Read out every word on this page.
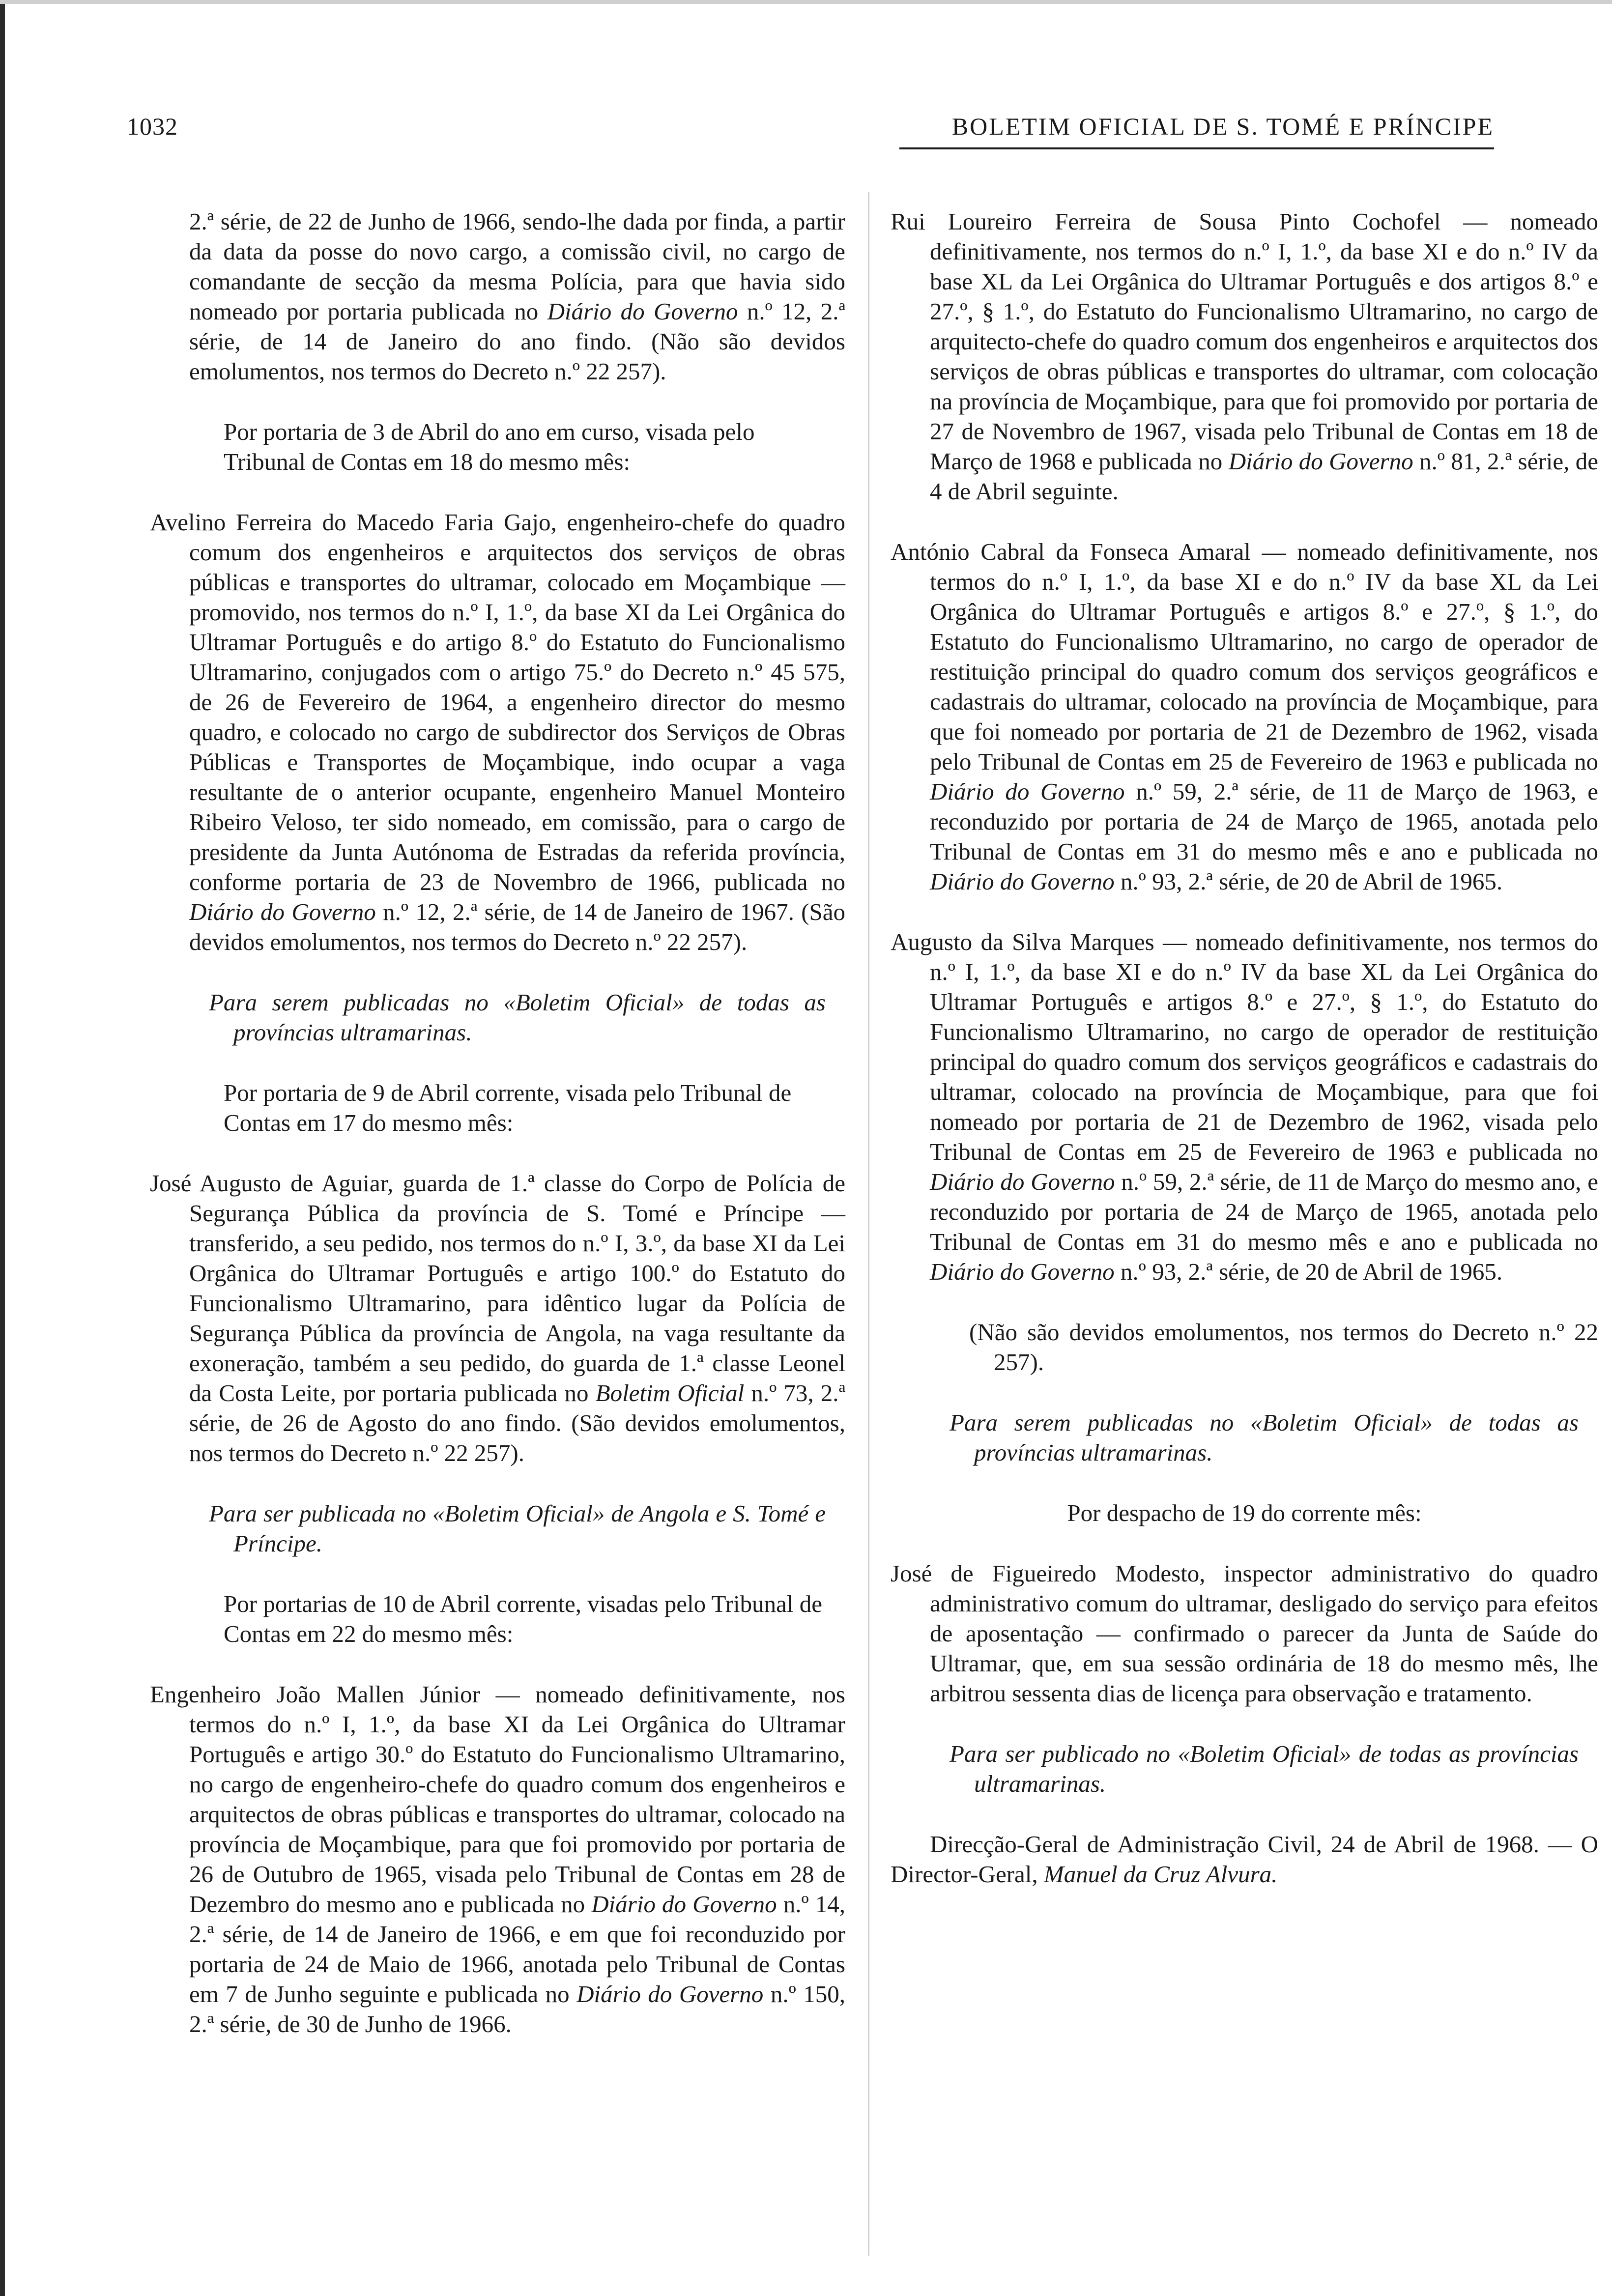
1032	BOLETIM OFICIAL DE S. TOMÉ E PRÍNCIPE

2.ª série, de 22 de Junho de 1966, sendo-lhe dada por finda, a partir da data da posse do novo cargo, a comissão civil, no cargo de comandante de secção da mesma Polícia, para que havia sido nomeado por portaria publicada no Diário do Governo n.º 12, 2.ª série, de 14 de Janeiro do ano findo. (Não são devidos emolumentos, nos termos do Decreto n.º 22 257).

Por portaria de 3 de Abril do ano em curso, visada pelo Tribunal de Contas em 18 do mesmo mês:

Avelino Ferreira do Macedo Faria Gajo, engenheiro-chefe do quadro comum dos engenheiros e arquitectos dos serviços de obras públicas e transportes do ultramar, colocado em Moçambique — promovido, nos termos do n.º I, 1.º, da base XI da Lei Orgânica do Ultramar Português e do artigo 8.º do Estatuto do Funcionalismo Ultramarino, conjugados com o artigo 75.º do Decreto n.º 45 575, de 26 de Fevereiro de 1964, a engenheiro director do mesmo quadro, e colocado no cargo de subdirector dos Serviços de Obras Públicas e Transportes de Moçambique, indo ocupar a vaga resultante de o anterior ocupante, engenheiro Manuel Monteiro Ribeiro Veloso, ter sido nomeado, em comissão, para o cargo de presidente da Junta Autónoma de Estradas da referida província, conforme portaria de 23 de Novembro de 1966, publicada no Diário do Governo n.º 12, 2.ª série, de 14 de Janeiro de 1967. (São devidos emolumentos, nos termos do Decreto n.º 22 257).

Para serem publicadas no «Boletim Oficial» de todas as províncias ultramarinas.

Por portaria de 9 de Abril corrente, visada pelo Tribunal de Contas em 17 do mesmo mês:

José Augusto de Aguiar, guarda de 1.ª classe do Corpo de Polícia de Segurança Pública da província de S. Tomé e Príncipe — transferido, a seu pedido, nos termos do n.º I, 3.º, da base XI da Lei Orgânica do Ultramar Português e artigo 100.º do Estatuto do Funcionalismo Ultramarino, para idêntico lugar da Polícia de Segurança Pública da província de Angola, na vaga resultante da exoneração, também a seu pedido, do guarda de 1.ª classe Leonel da Costa Leite, por portaria publicada no Boletim Oficial n.º 73, 2.ª série, de 26 de Agosto do ano findo. (São devidos emolumentos, nos termos do Decreto n.º 22 257).

Para ser publicada no «Boletim Oficial» de Angola e S. Tomé e Príncipe.

Por portarias de 10 de Abril corrente, visadas pelo Tribunal de Contas em 22 do mesmo mês:

Engenheiro João Mallen Júnior — nomeado definitivamente, nos termos do n.º I, 1.º, da base XI da Lei Orgânica do Ultramar Português e artigo 30.º do Estatuto do Funcionalismo Ultramarino, no cargo de engenheiro-chefe do quadro comum dos engenheiros e arquitectos de obras públicas e transportes do ultramar, colocado na província de Moçambique, para que foi promovido por portaria de 26 de Outubro de 1965, visada pelo Tribunal de Contas em 28 de Dezembro do mesmo ano e publicada no Diário do Governo n.º 14, 2.ª série, de 14 de Janeiro de 1966, e em que foi reconduzido por portaria de 24 de Maio de 1966, anotada pelo Tribunal de Contas em 7 de Junho seguinte e publicada no Diário do Governo n.º 150, 2.ª série, de 30 de Junho de 1966.

Rui Loureiro Ferreira de Sousa Pinto Cochofel — nomeado definitivamente, nos termos do n.º I, 1.º, da base XI e do n.º IV da base XL da Lei Orgânica do Ultramar Português e dos artigos 8.º e 27.º, § 1.º, do Estatuto do Funcionalismo Ultramarino, no cargo de arquitecto-chefe do quadro comum dos engenheiros e arquitectos dos serviços de obras públicas e transportes do ultramar, com colocação na província de Moçambique, para que foi promovido por portaria de 27 de Novembro de 1967, visada pelo Tribunal de Contas em 18 de Março de 1968 e publicada no Diário do Governo n.º 81, 2.ª série, de 4 de Abril seguinte.

António Cabral da Fonseca Amaral — nomeado definitivamente, nos termos do n.º I, 1.º, da base XI e do n.º IV da base XL da Lei Orgânica do Ultramar Português e artigos 8.º e 27.º, § 1.º, do Estatuto do Funcionalismo Ultramarino, no cargo de operador de restituição principal do quadro comum dos serviços geográficos e cadastrais do ultramar, colocado na província de Moçambique, para que foi nomeado por portaria de 21 de Dezembro de 1962, visada pelo Tribunal de Contas em 25 de Fevereiro de 1963 e publicada no Diário do Governo n.º 59, 2.ª série, de 11 de Março de 1963, e reconduzido por portaria de 24 de Março de 1965, anotada pelo Tribunal de Contas em 31 do mesmo mês e ano e publicada no Diário do Governo n.º 93, 2.ª série, de 20 de Abril de 1965.

Augusto da Silva Marques — nomeado definitivamente, nos termos do n.º I, 1.º, da base XI e do n.º IV da base XL da Lei Orgânica do Ultramar Português e artigos 8.º e 27.º, § 1.º, do Estatuto do Funcionalismo Ultramarino, no cargo de operador de restituição principal do quadro comum dos serviços geográficos e cadastrais do ultramar, colocado na província de Moçambique, para que foi nomeado por portaria de 21 de Dezembro de 1962, visada pelo Tribunal de Contas em 25 de Fevereiro de 1963 e publicada no Diário do Governo n.º 59, 2.ª série, de 11 de Março do mesmo ano, e reconduzido por portaria de 24 de Março de 1965, anotada pelo Tribunal de Contas em 31 do mesmo mês e ano e publicada no Diário do Governo n.º 93, 2.ª série, de 20 de Abril de 1965.

(Não são devidos emolumentos, nos termos do Decreto n.º 22 257).

Para serem publicadas no «Boletim Oficial» de todas as províncias ultramarinas.

Por despacho de 19 do corrente mês:

José de Figueiredo Modesto, inspector administrativo do quadro administrativo comum do ultramar, desligado do serviço para efeitos de aposentação — confirmado o parecer da Junta de Saúde do Ultramar, que, em sua sessão ordinária de 18 do mesmo mês, lhe arbitrou sessenta dias de licença para observação e tratamento.

Para ser publicado no «Boletim Oficial» de todas as províncias ultramarinas.

Direcção-Geral de Administração Civil, 24 de Abril de 1968. — O Director-Geral, Manuel da Cruz Alvura.
